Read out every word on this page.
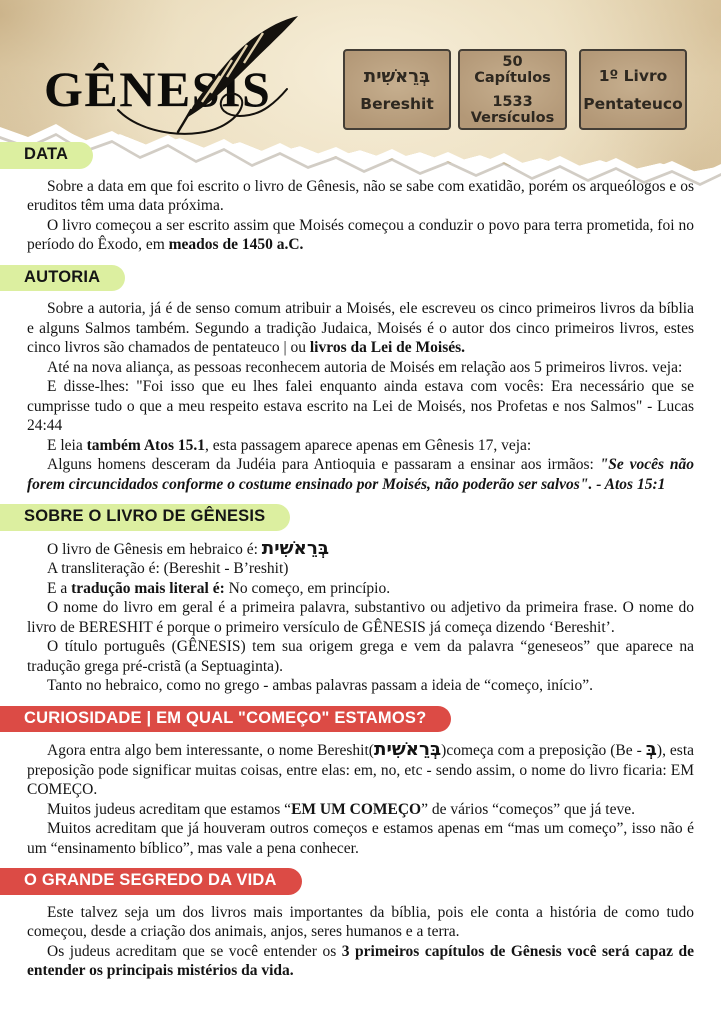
GÊNESIS	בְּרֵאשִׁית
Bereshit
50
Capítulos
1533
Versículos
1º Livro
Pentateuco
DATA

Sobre a data em que foi escrito o livro de Gênesis, não se sabe com exatidão, porém os arqueólogos e os eruditos têm uma data próxima.

O livro começou a ser escrito assim que Moisés começou a conduzir o povo para terra prometida, foi no período do Êxodo, em meados de 1450 a.C.

AUTORIA

Sobre a autoria, já é de senso comum atribuir a Moisés, ele escreveu os cinco primeiros livros da bíblia e alguns Salmos também. Segundo a tradição Judaica, Moisés é o autor dos cinco primeiros livros, estes cinco livros são chamados de pentateuco | ou livros da Lei de Moisés.

Até na nova aliança, as pessoas reconhecem autoria de Moisés em relação aos 5 primeiros livros. veja:

E disse-lhes: "Foi isso que eu lhes falei enquanto ainda estava com vocês: Era necessário que se cumprisse tudo o que a meu respeito estava escrito na Lei de Moisés, nos Profetas e nos Salmos" - Lucas 24:44

E leia também Atos 15.1, esta passagem aparece apenas em Gênesis 17, veja:

Alguns homens desceram da Judéia para Antioquia e passaram a ensinar aos irmãos: "Se vocês não forem circuncidados conforme o costume ensinado por Moisés, não poderão ser salvos". - Atos 15:1

SOBRE O LIVRO DE GÊNESIS

O livro de Gênesis em hebraico é: בְּרֵאשִׁית

A transliteração é: (Bereshit - B’reshit)

E a tradução mais literal é: No começo, em princípio.

O nome do livro em geral é a primeira palavra, substantivo ou adjetivo da primeira frase. O nome do livro de BERESHIT é porque o primeiro versículo de GÊNESIS já começa dizendo ‘Bereshit’.

O título português (GÊNESIS) tem sua origem grega e vem da palavra “geneseos” que aparece na tradução grega pré-cristã (a Septuaginta).

Tanto no hebraico, como no grego - ambas palavras passam a ideia de “começo, início”.

CURIOSIDADE | EM QUAL "COMEÇO" ESTAMOS?

Agora entra algo bem interessante, o nome Bereshit(בְּרֵאשִׁית)começa com a preposição (Be - בְּ), esta preposição pode significar muitas coisas, entre elas: em, no, etc - sendo assim, o nome do livro ficaria: EM COMEÇO.

Muitos judeus acreditam que estamos “EM UM COMEÇO” de vários “começos” que já teve.

Muitos acreditam que já houveram outros começos e estamos apenas em “mas um começo”, isso não é um “ensinamento bíblico”, mas vale a pena conhecer.

O GRANDE SEGREDO DA VIDA

Este talvez seja um dos livros mais importantes da bíblia, pois ele conta a história de como tudo começou, desde a criação dos animais, anjos, seres humanos e a terra.

Os judeus acreditam que se você entender os 3 primeiros capítulos de Gênesis você será capaz de entender os principais mistérios da vida.
